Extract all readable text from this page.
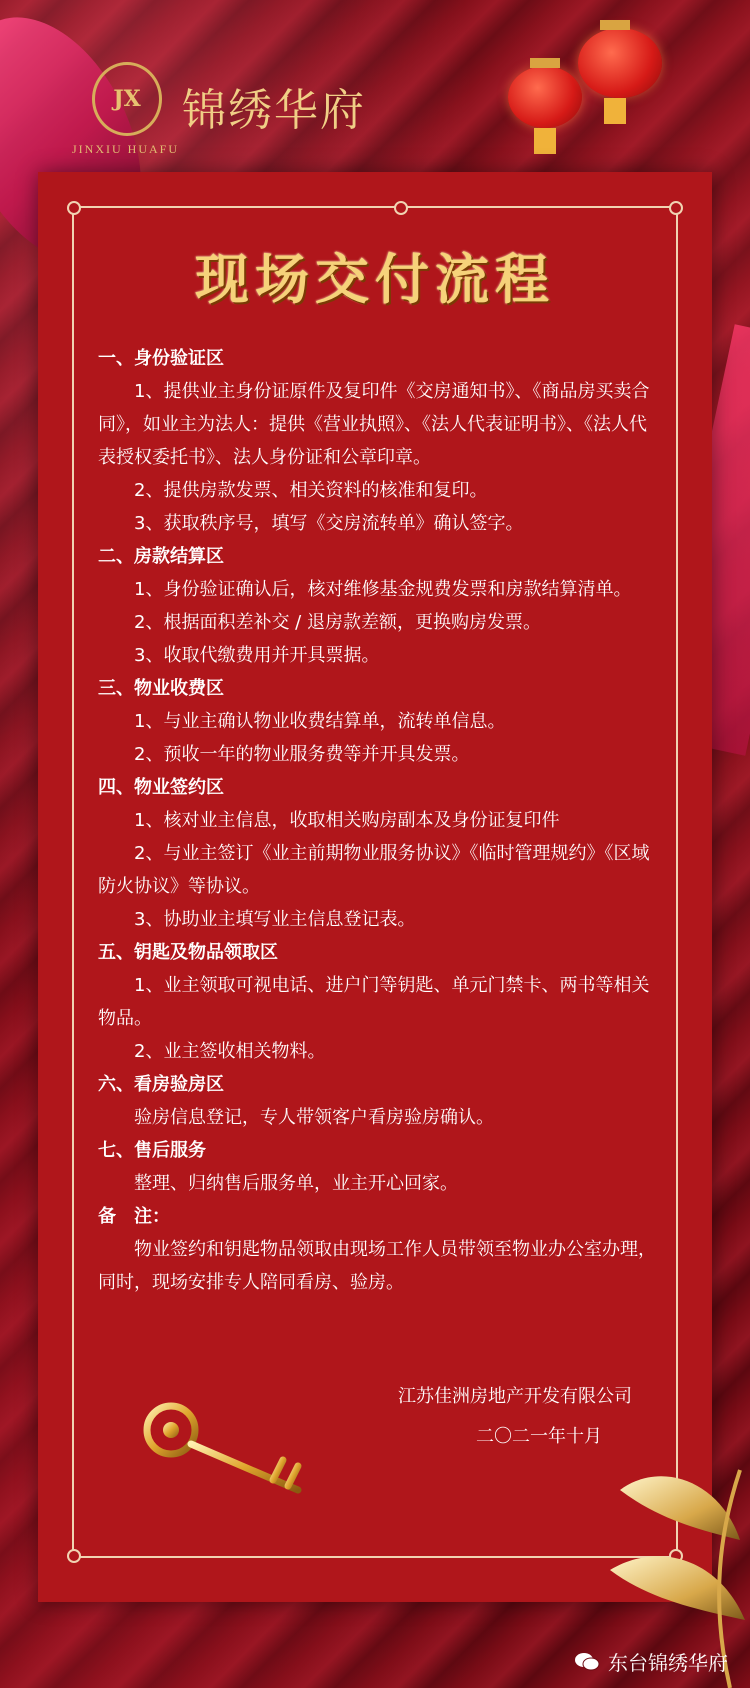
JX 锦绣华府
JINXIU HUAFU
现场交付流程
一、身份验证区
1、提供业主身份证原件及复印件《交房通知书》、《商品房买卖合同》，如业主为法人：提供《营业执照》、《法人代表证明书》、《法人代表授权委托书》、法人身份证和公章印章。
2、提供房款发票、相关资料的核准和复印。
3、获取秩序号，填写《交房流转单》确认签字。
二、房款结算区
1、身份验证确认后，核对维修基金规费发票和房款结算清单。
2、根据面积差补交 / 退房款差额，更换购房发票。
3、收取代缴费用并开具票据。
三、物业收费区
1、与业主确认物业收费结算单，流转单信息。
2、预收一年的物业服务费等并开具发票。
四、物业签约区
1、核对业主信息，收取相关购房副本及身份证复印件
2、与业主签订《业主前期物业服务协议》《临时管理规约》《区域防火协议》等协议。
3、协助业主填写业主信息登记表。
五、钥匙及物品领取区
1、业主领取可视电话、进户门等钥匙、单元门禁卡、两书等相关物品。
2、业主签收相关物料。
六、看房验房区
验房信息登记，专人带领客户看房验房确认。
七、售后服务
整理、归纳售后服务单，业主开心回家。
备　注：
物业签约和钥匙物品领取由现场工作人员带领至物业办公室办理，同时，现场安排专人陪同看房、验房。
江苏佳洲房地产开发有限公司
二〇二一年十月
东台锦绣华府
